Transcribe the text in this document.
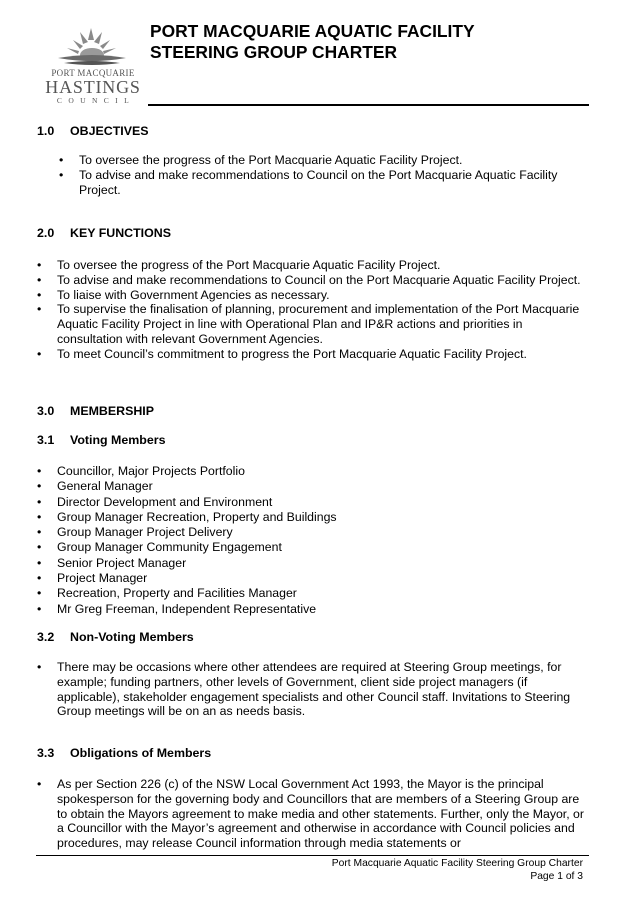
PORT MACQUARIE
HASTINGS
COUNCIL
PORT MACQUARIE AQUATIC FACILITY
STEERING GROUP CHARTER
1.0 OBJECTIVES
• To oversee the progress of the Port Macquarie Aquatic Facility Project.
• To advise and make recommendations to Council on the Port Macquarie Aquatic Facility Project.
2.0 KEY FUNCTIONS
• To oversee the progress of the Port Macquarie Aquatic Facility Project.
• To advise and make recommendations to Council on the Port Macquarie Aquatic Facility Project.
• To liaise with Government Agencies as necessary.
• To supervise the finalisation of planning, procurement and implementation of the Port Macquarie Aquatic Facility Project in line with Operational Plan and IP&R actions and priorities in consultation with relevant Government Agencies.
• To meet Council’s commitment to progress the Port Macquarie Aquatic Facility Project.
3.0 MEMBERSHIP
3.1 Voting Members
• Councillor, Major Projects Portfolio
• General Manager
• Director Development and Environment
• Group Manager Recreation, Property and Buildings
• Group Manager Project Delivery
• Group Manager Community Engagement
• Senior Project Manager
• Project Manager
• Recreation, Property and Facilities Manager
• Mr Greg Freeman, Independent Representative
3.2 Non-Voting Members
• There may be occasions where other attendees are required at Steering Group meetings, for example; funding partners, other levels of Government, client side project managers (if applicable), stakeholder engagement specialists and other Council staff. Invitations to Steering Group meetings will be on an as needs basis.
3.3 Obligations of Members
• As per Section 226 (c) of the NSW Local Government Act 1993, the Mayor is the principal spokesperson for the governing body and Councillors that are members of a Steering Group are to obtain the Mayors agreement to make media and other statements. Further, only the Mayor, or a Councillor with the Mayor’s agreement and otherwise in accordance with Council policies and procedures, may release Council information through media statements or
Port Macquarie Aquatic Facility Steering Group Charter
Page 1 of 3
